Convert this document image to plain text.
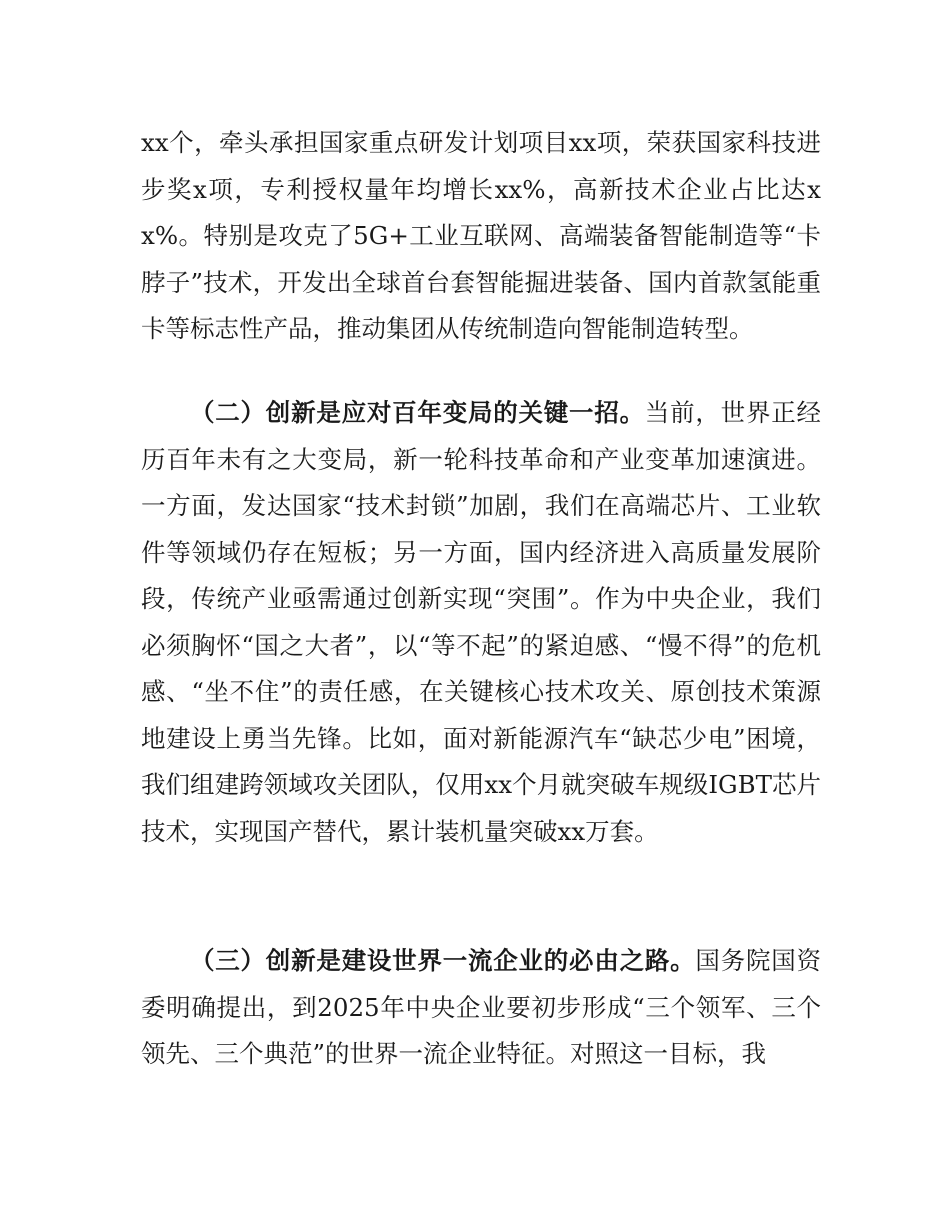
xx个，牵头承担国家重点研发计划项目xx项，荣获国家科技进步奖x项，专利授权量年均增长xx%，高新技术企业占比达xx%。特别是攻克了5G+工业互联网、高端装备智能制造等“卡脖子”技术，开发出全球首台套智能掘进装备、国内首款氢能重卡等标志性产品，推动集团从传统制造向智能制造转型。

（二）创新是应对百年变局的关键一招。当前，世界正经历百年未有之大变局，新一轮科技革命和产业变革加速演进。一方面，发达国家“技术封锁”加剧，我们在高端芯片、工业软件等领域仍存在短板；另一方面，国内经济进入高质量发展阶段，传统产业亟需通过创新实现“突围”。作为中央企业，我们必须胸怀“国之大者”，以“等不起”的紧迫感、“慢不得”的危机感、“坐不住”的责任感，在关键核心技术攻关、原创技术策源地建设上勇当先锋。比如，面对新能源汽车“缺芯少电”困境，我们组建跨领域攻关团队，仅用xx个月就突破车规级IGBT芯片技术，实现国产替代，累计装机量突破xx万套。

（三）创新是建设世界一流企业的必由之路。国务院国资委明确提出，到2025年中央企业要初步形成“三个领军、三个领先、三个典范”的世界一流企业特征。对照这一目标，我
